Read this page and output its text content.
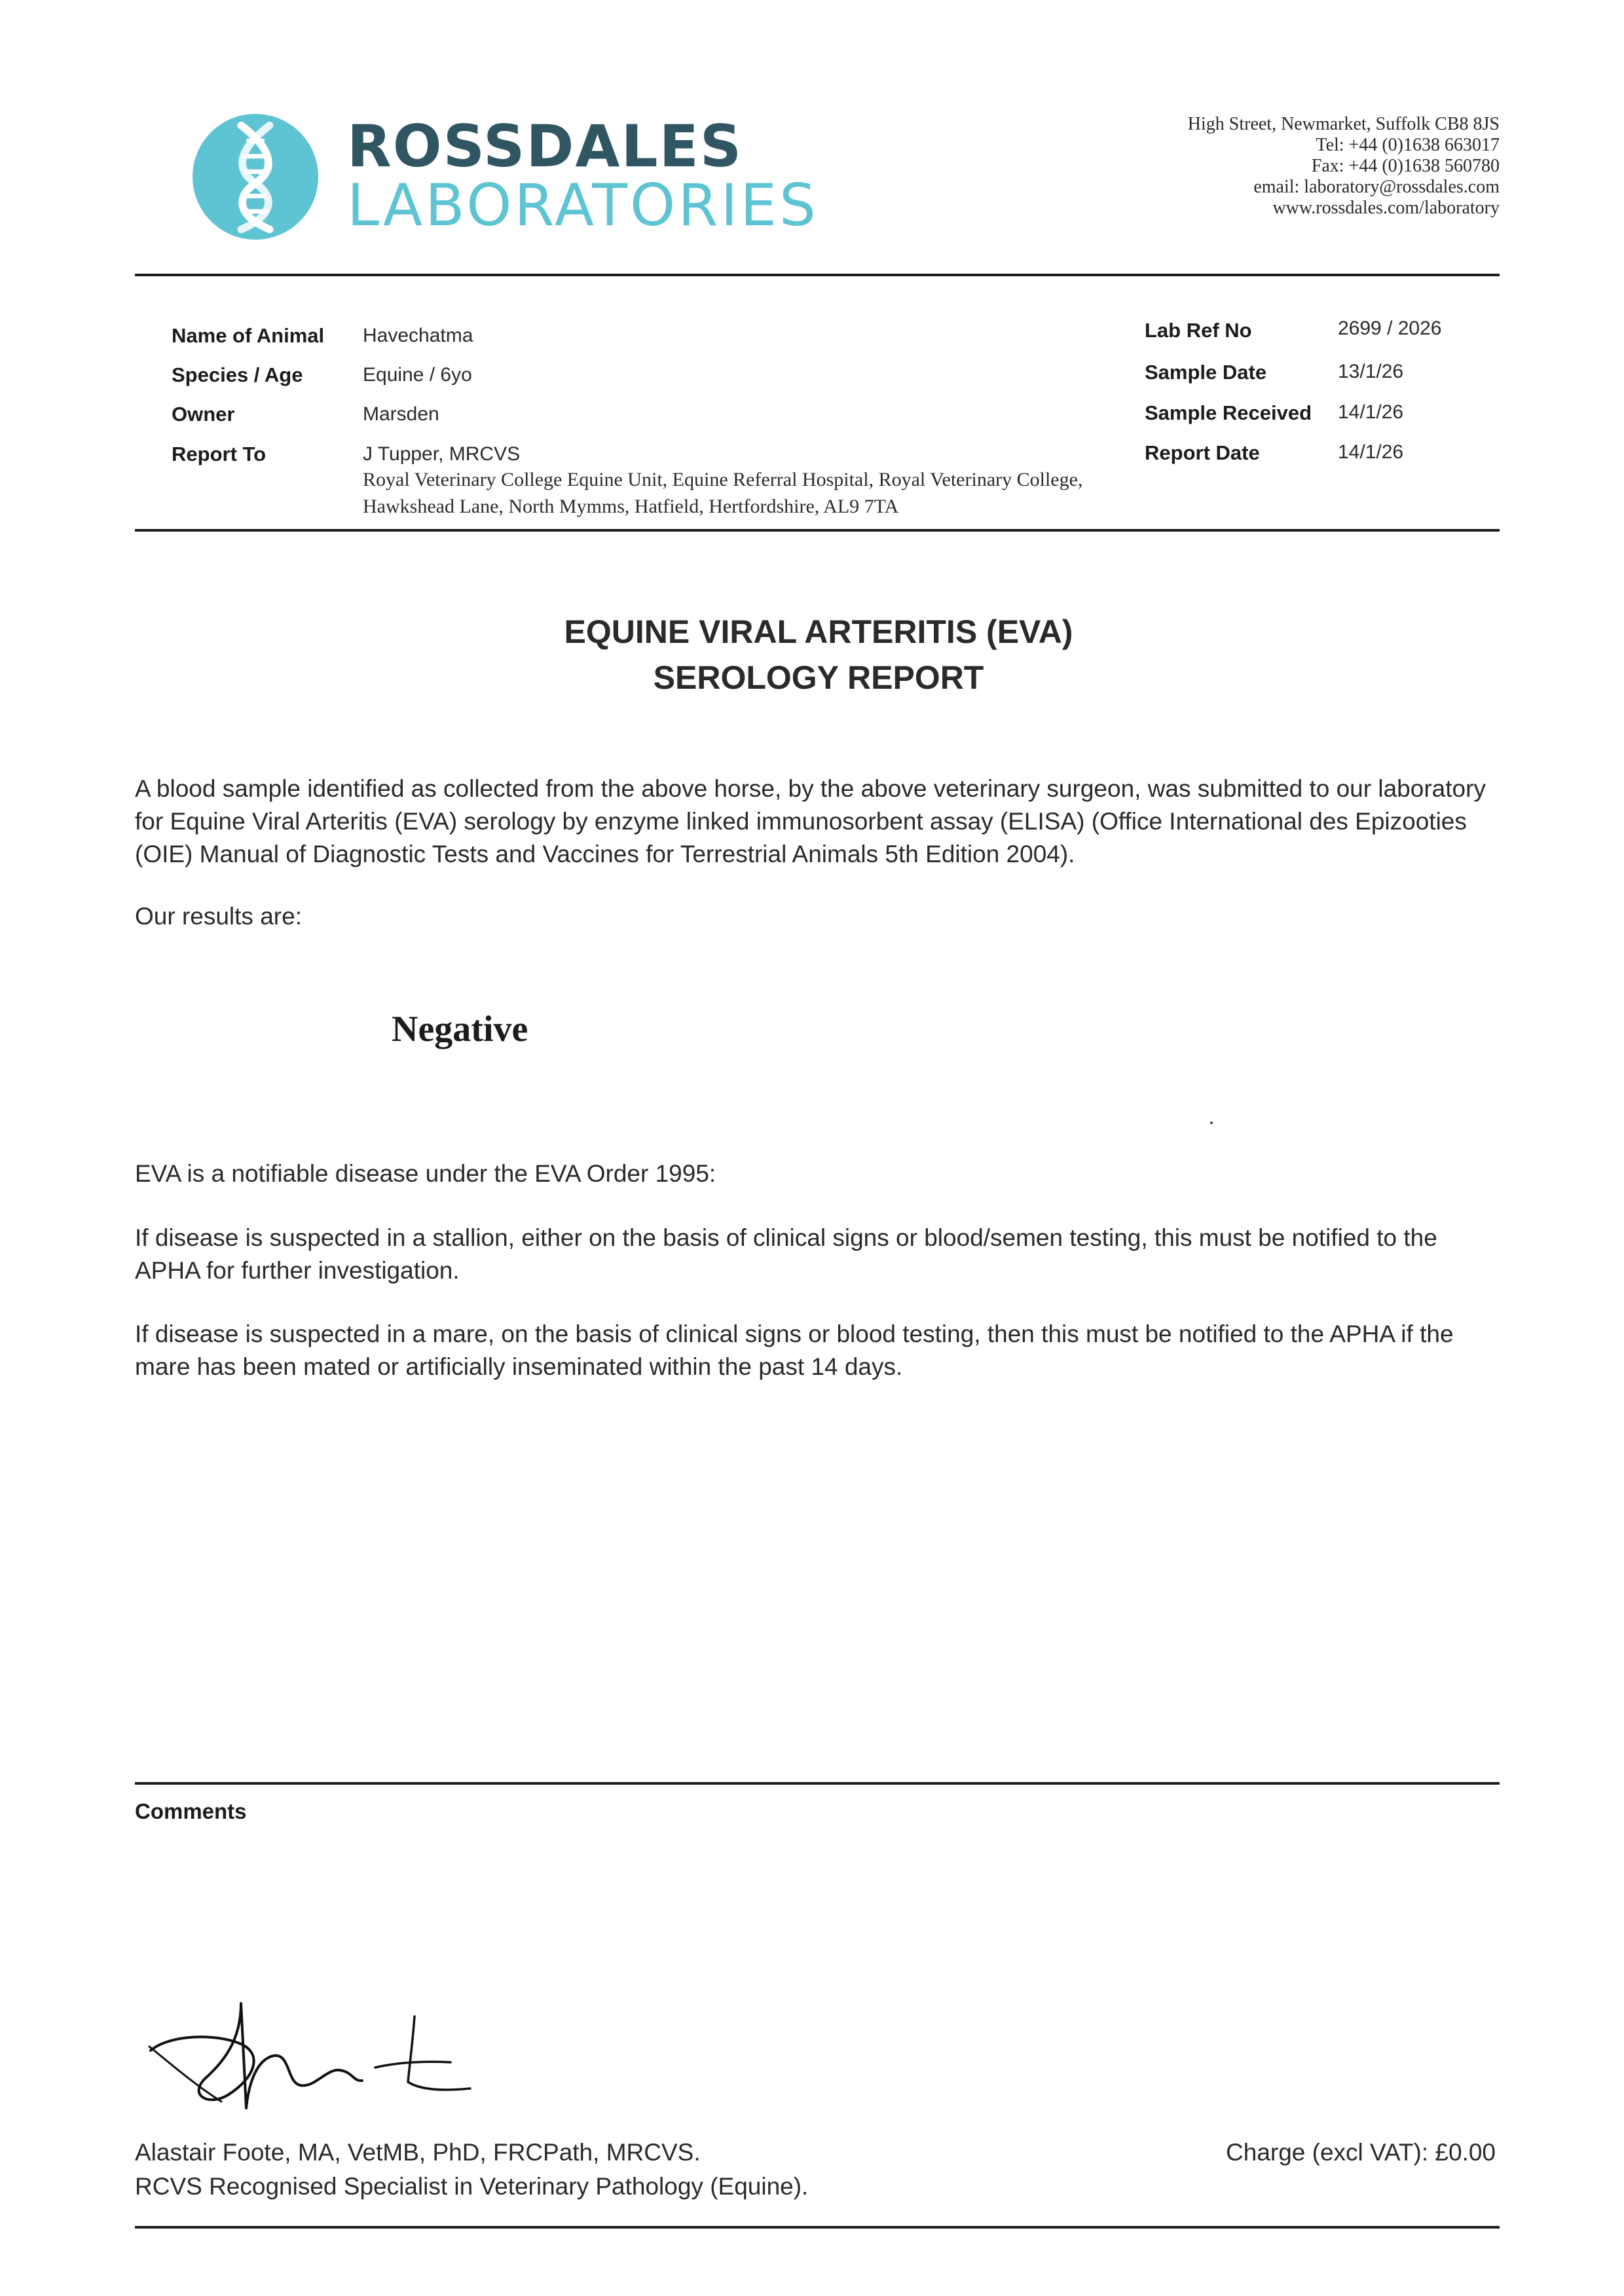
ROSSDALES
LABORATORIES
High Street, Newmarket, Suffolk CB8 8JS
Tel: +44 (0)1638 663017
Fax: +44 (0)1638 560780
email: laboratory@rossdales.com
www.rossdales.com/laboratory
Name of Animal Havechatma
Species / Age	Equine / 6yo
Owner	Marsden
Report To	J Tupper, MRCVS
Royal Veterinary College Equine Unit, Equine Referral Hospital, Royal Veterinary College, Hawkshead Lane, North Mymms, Hatfield, Hertfordshire, AL9 7TA
Lab Ref No	2699 / 2026
Sample Date	13/1/26
Sample Received 14/1/26
Report Date	14/1/26
EQUINE VIRAL ARTERITIS (EVA)
SEROLOGY REPORT
A blood sample identified as collected from the above horse, by the above veterinary surgeon, was submitted to our laboratory for Equine Viral Arteritis (EVA) serology by enzyme linked immunosorbent assay (ELISA) (Office International des Epizooties (OIE) Manual of Diagnostic Tests and Vaccines for Terrestrial Animals 5th Edition 2004).
Our results are:
Negative
EVA is a notifiable disease under the EVA Order 1995:
If disease is suspected in a stallion, either on the basis of clinical signs or blood/semen testing, this must be notified to the APHA for further investigation.
If disease is suspected in a mare, on the basis of clinical signs or blood testing, then this must be notified to the APHA if the mare has been mated or artificially inseminated within the past 14 days.
Comments
Alastair Foote, MA, VetMB, PhD, FRCPath, MRCVS.
RCVS Recognised Specialist in Veterinary Pathology (Equine).
Charge (excl VAT): £0.00
